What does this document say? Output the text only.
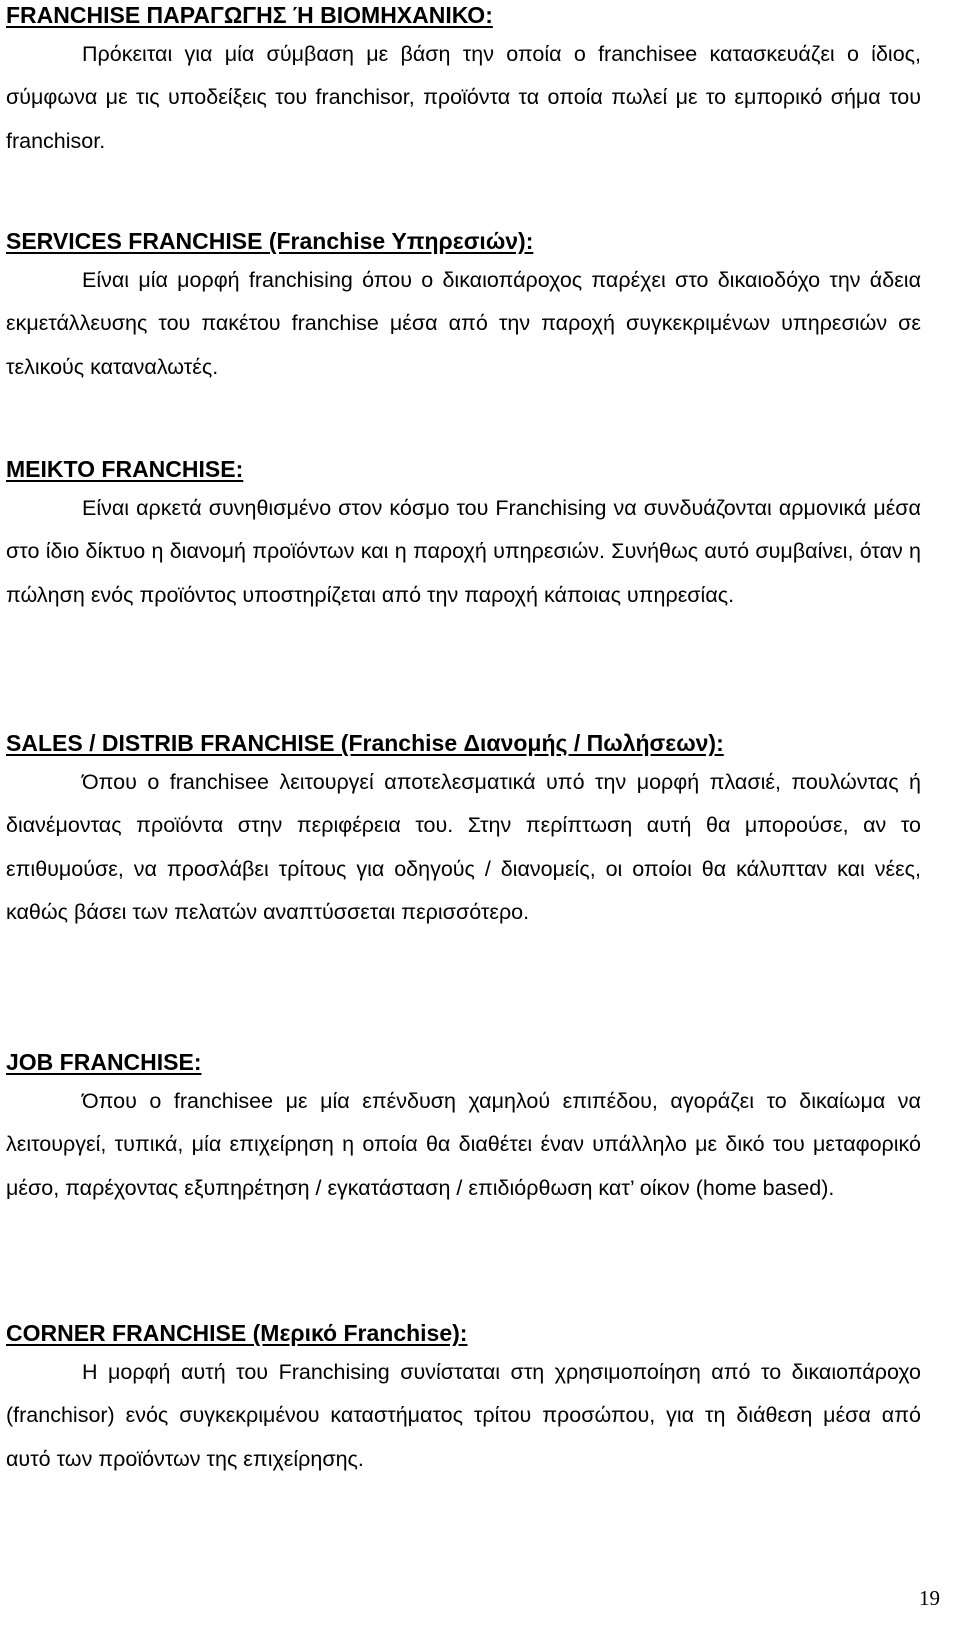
FRANCHISE ΠΑΡΑΓΩΓΗΣ Ή ΒΙΟΜΗΧΑΝΙΚΟ:

Πρόκειται για μία σύμβαση με βάση την οποία ο franchisee κατασκευάζει ο ίδιος, σύμφωνα με τις υποδείξεις του franchisor, προϊόντα τα οποία πωλεί με το εμπορικό σήμα του franchisor.

SERVICES FRANCHISE (Franchise Υπηρεσιών):

Είναι μία μορφή franchising όπου ο δικαιοπάροχος παρέχει στο δικαιοδόχο την άδεια εκμετάλλευσης του πακέτου franchise μέσα από την παροχή συγκεκριμένων υπηρεσιών σε τελικούς καταναλωτές.

ΜΕΙΚΤΟ FRANCHISE:

Είναι αρκετά συνηθισμένο στον κόσμο του Franchising να συνδυάζονται αρμονικά μέσα στο ίδιο δίκτυο η διανομή προϊόντων και η παροχή υπηρεσιών. Συνήθως αυτό συμβαίνει, όταν η πώληση ενός προϊόντος υποστηρίζεται από την παροχή κάποιας υπηρεσίας.

SALES / DISTRIB FRANCHISE (Franchise Διανομής / Πωλήσεων):

Όπου ο franchisee λειτουργεί αποτελεσματικά υπό την μορφή πλασιέ, πουλώντας ή διανέμοντας προϊόντα στην περιφέρεια του. Στην περίπτωση αυτή θα μπορούσε, αν το επιθυμούσε, να προσλάβει τρίτους για οδηγούς / διανομείς, οι οποίοι θα κάλυπταν και νέες, καθώς βάσει των πελατών αναπτύσσεται περισσότερο.

JOB FRANCHISE:

Όπου ο franchisee με μία επένδυση χαμηλού επιπέδου, αγοράζει το δικαίωμα να λειτουργεί, τυπικά, μία επιχείρηση η οποία θα διαθέτει έναν υπάλληλο με δικό του μεταφορικό μέσο, παρέχοντας εξυπηρέτηση / εγκατάσταση / επιδιόρθωση κατ’ οίκον (home based).

CORNER FRANCHISE (Μερικό Franchise):

Η μορφή αυτή του Franchising συνίσταται στη χρησιμοποίηση από το δικαιοπάροχο (franchisor) ενός συγκεκριμένου καταστήματος τρίτου προσώπου, για τη διάθεση μέσα από αυτό των προϊόντων της επιχείρησης.

19
